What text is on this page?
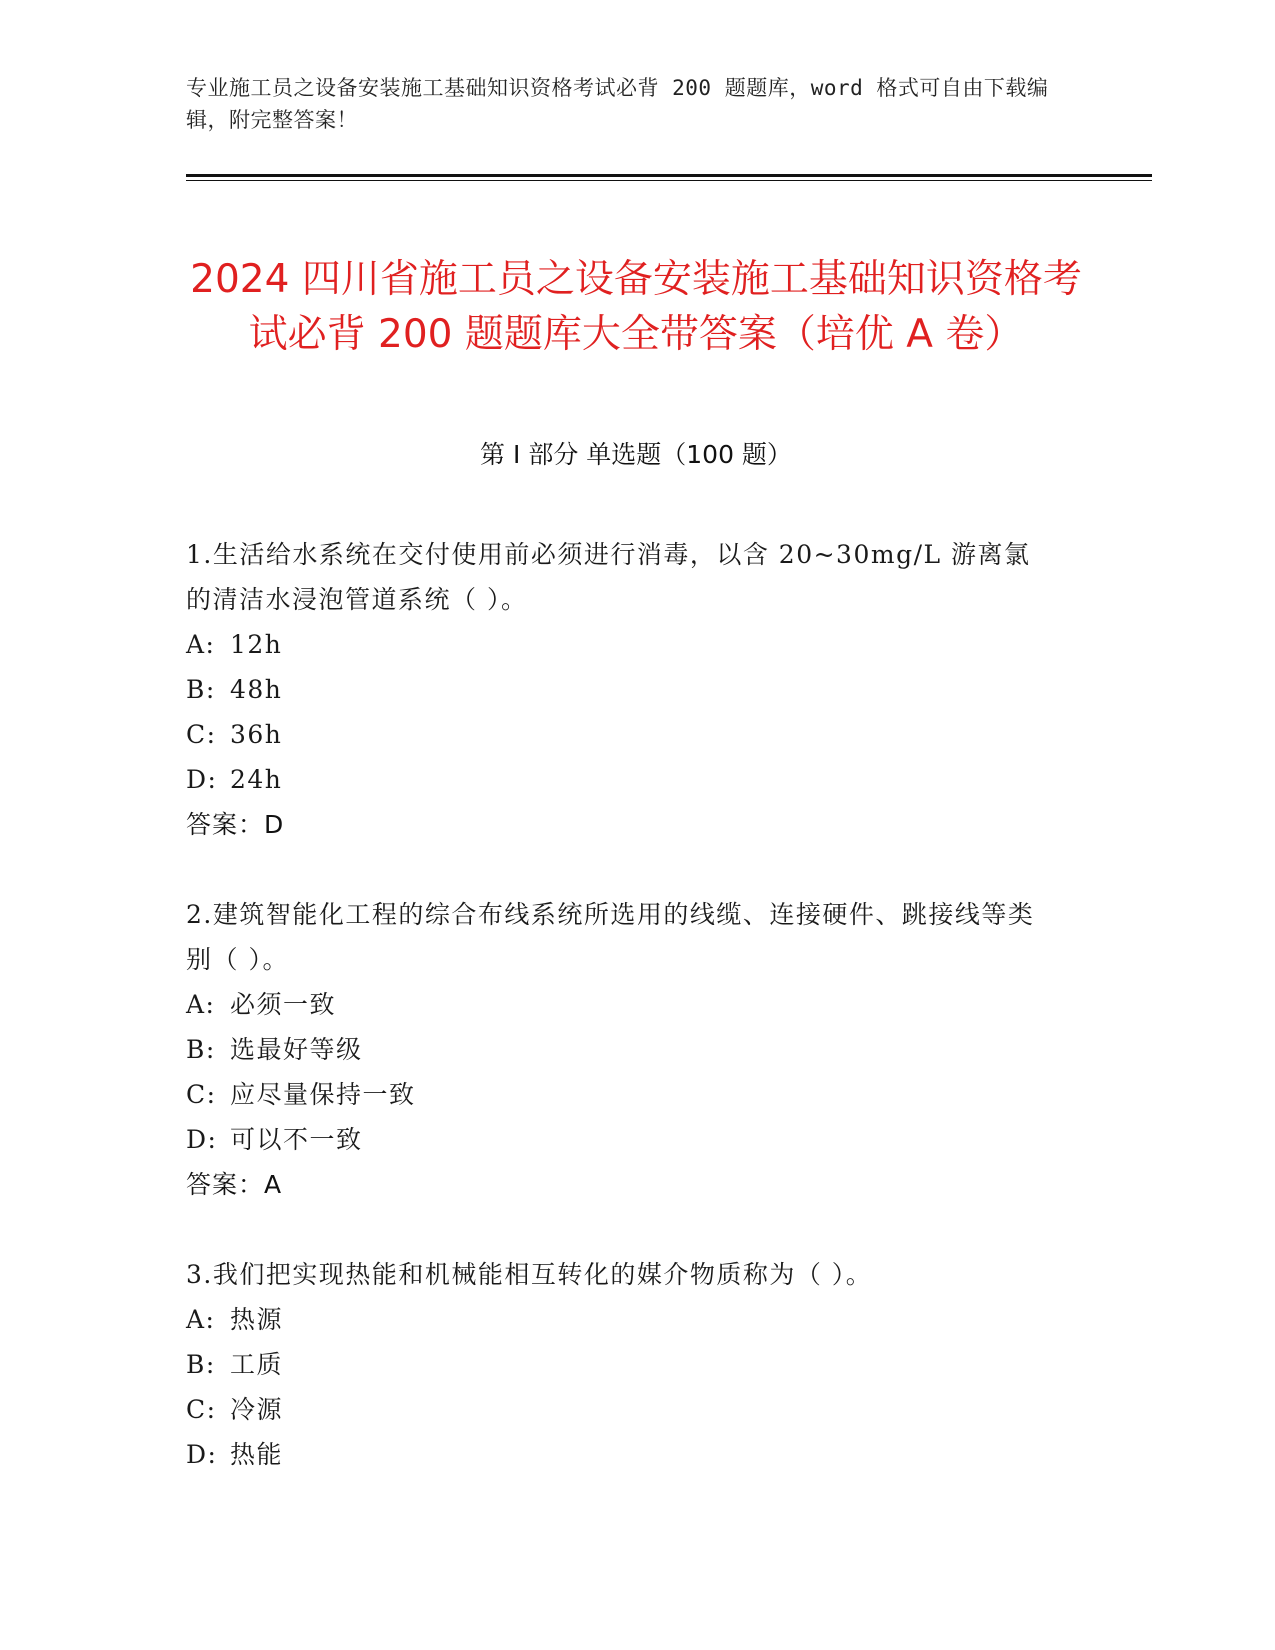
专业施工员之设备安装施工基础知识资格考试必背 200 题题库，word 格式可自由下载编辑，附完整答案！
2024 四川省施工员之设备安装施工基础知识资格考试必背 200 题题库大全带答案（培优 A 卷）
第 I 部分 单选题（100 题）

1.生活给水系统在交付使用前必须进行消毒，以含 20~30mg/L 游离氯的清洁水浸泡管道系统（ ）。

A: 12h

B: 48h

C: 36h

D: 24h

答案：D

2.建筑智能化工程的综合布线系统所选用的线缆、连接硬件、跳接线等类别（ ）。

A: 必须一致

B: 选最好等级

C: 应尽量保持一致

D: 可以不一致

答案：A

3.我们把实现热能和机械能相互转化的媒介物质称为（ ）。

A: 热源

B: 工质

C: 冷源

D: 热能
